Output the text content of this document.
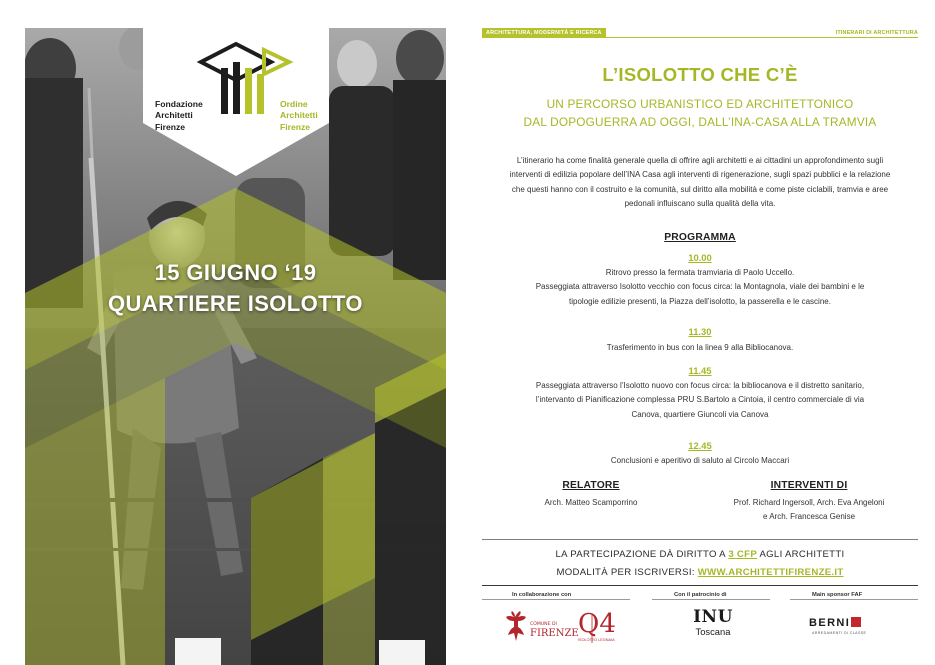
Fondazione
Architetti
Firenze
Ordine
Architetti
Firenze
15 GIUGNO ‘19
QUARTIERE ISOLOTTO
ARCHITETTURA, MODERNITÀ E RICERCA	ITINERARI DI ARCHITETTURA
L’ISOLOTTO CHE C’È
UN PERCORSO URBANISTICO ED ARCHITETTONICO
DAL DOPOGUERRA AD OGGI, DALL’INA-CASA ALLA TRAMVIA
L’itinerario ha come finalità generale quella di offrire agli architetti e ai cittadini un approfondimento sugli
interventi di edilizia popolare dell’INA Casa agli interventi di rigenerazione, sugli spazi pubblici e la relazione
che questi hanno con il costruito e la comunità, sul diritto alla mobilità e come piste ciclabili, tramvia e aree
pedonali influiscano sulla qualità della vita.
PROGRAMMA
10.00
Ritrovo presso la fermata tramviaria di Paolo Uccello.
Passeggiata attraverso Isolotto vecchio con focus circa: la Montagnola, viale dei bambini e le
tipologie edilizie presenti, la Piazza dell’isolotto, la passerella e le cascine.
11.30
Trasferimento in bus con la linea 9 alla Bibliocanova.
11.45
Passeggiata attraverso l’Isolotto nuovo con focus circa: la bibliocanova e il distretto sanitario,
l’intervanto di Pianificazione complessa PRU S.Bartolo a Cintoia, il centro commerciale di via
Canova, quartiere Giuncoli via Canova
12.45
Conclusioni e aperitivo di saluto al Circolo Maccari
RELATORE
Arch. Matteo Scamporrino
INTERVENTI DI
Prof. Richard Ingersoll, Arch. Eva Angeloni
e Arch. Francesca Genise
LA PARTECIPAZIONE DÀ DIRITTO A 3 CFP AGLI ARCHITETTI
MODALITÀ PER ISCRIVERSI: WWW.ARCHITETTIFIRENZE.IT
In collaborazione con	Con il patrocinio di	Main sponsor FAF
COMUNE DI
FIRENZE Q4
ISOLOTTO LEGNAIA
INU
Toscana
BERNI
ARREDAMENTI DI CLASSE
